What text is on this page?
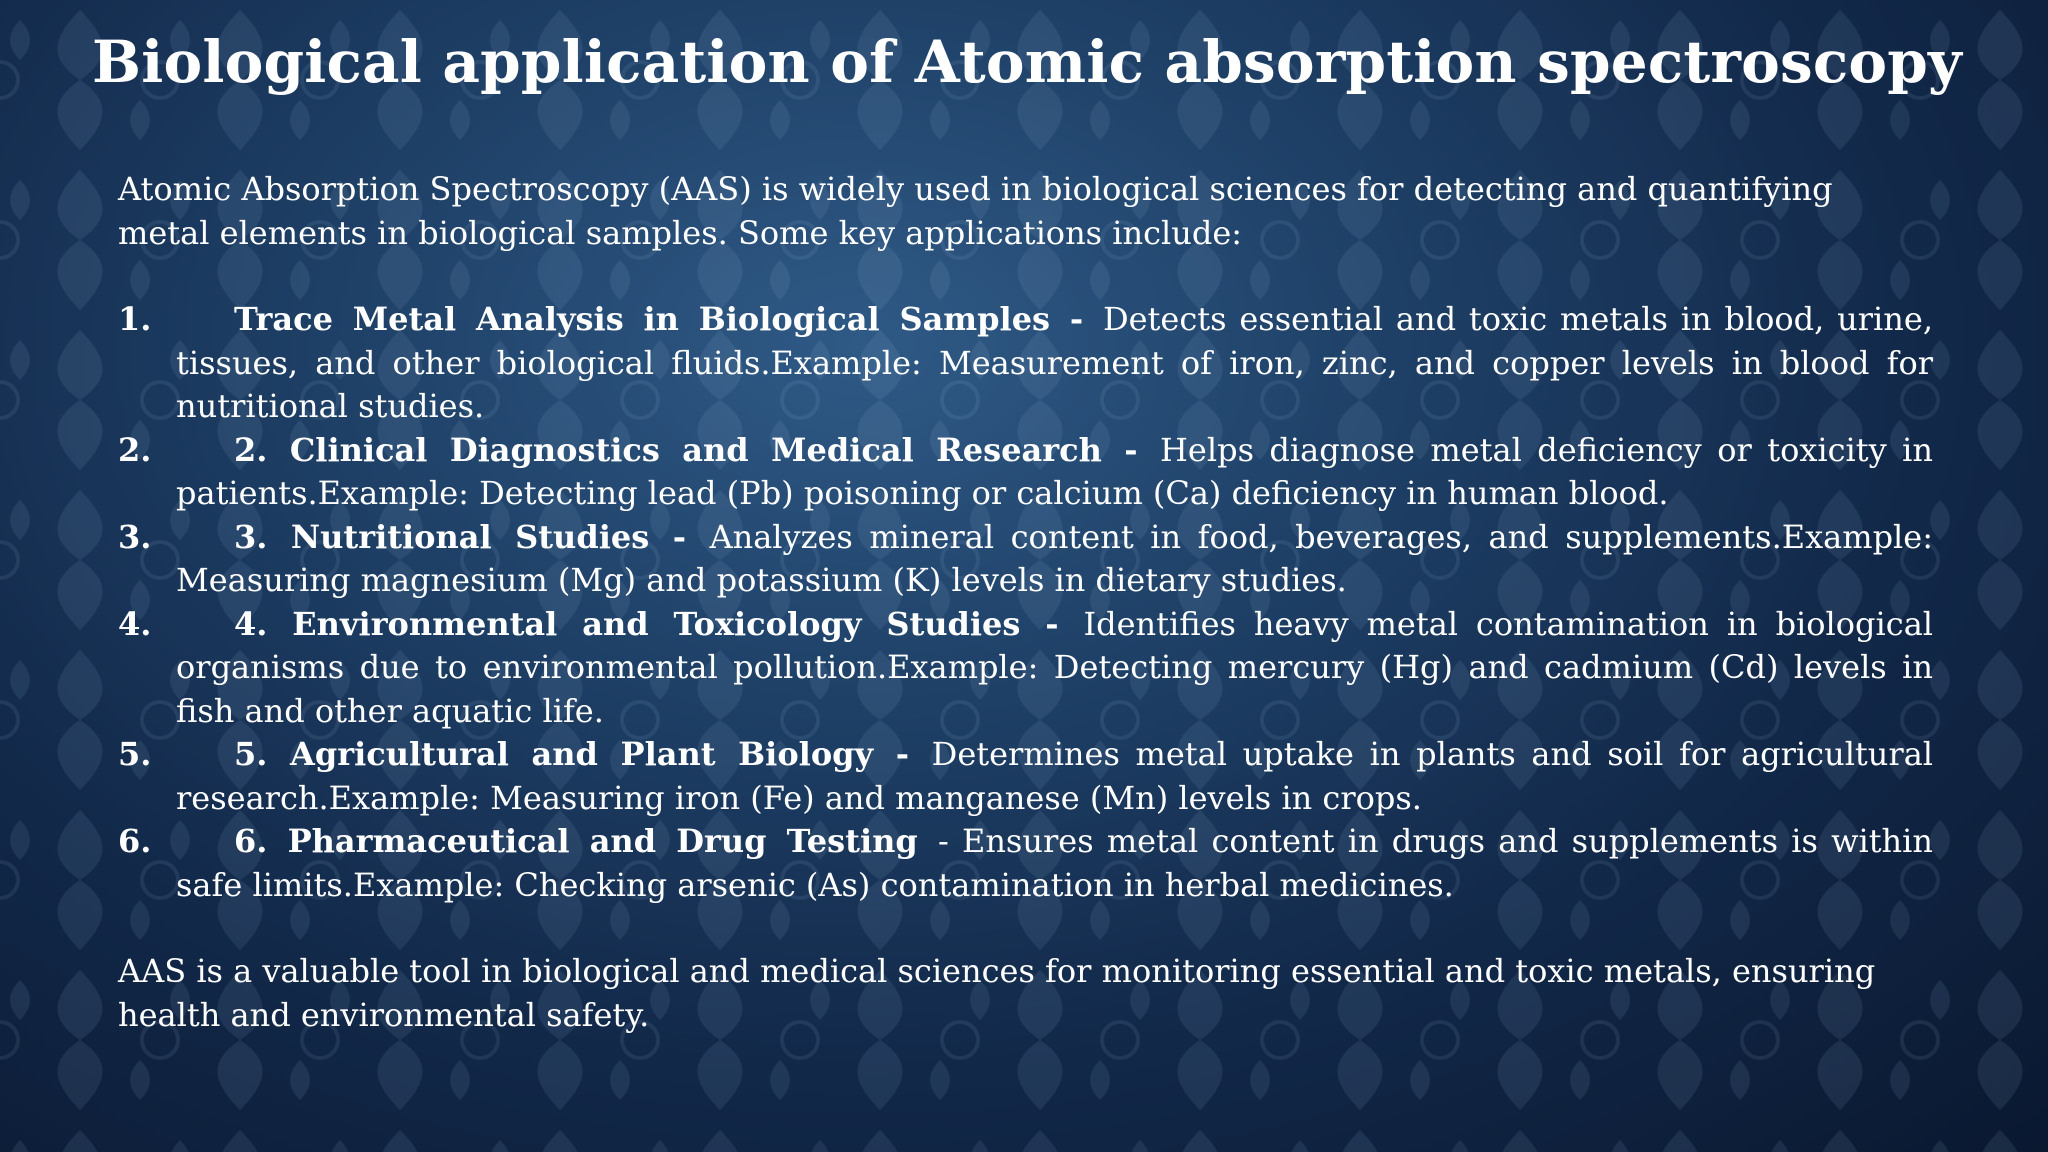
Biological application of Atomic absorption spectroscopy

Atomic Absorption Spectroscopy (AAS) is widely used in biological sciences for detecting and quantifying metal elements in biological samples. Some key applications include:

1.	Trace Metal Analysis in Biological Samples - Detects essential and toxic metals in blood, urine, tissues, and other biological fluids.Example: Measurement of iron, zinc, and copper levels in blood for nutritional studies.
2.	2. Clinical Diagnostics and Medical Research - Helps diagnose metal deficiency or toxicity in patients.Example: Detecting lead (Pb) poisoning or calcium (Ca) deficiency in human blood.
3.	3. Nutritional Studies - Analyzes mineral content in food, beverages, and supplements.Example: Measuring magnesium (Mg) and potassium (K) levels in dietary studies.
4.	4. Environmental and Toxicology Studies - Identifies heavy metal contamination in biological organisms due to environmental pollution.Example: Detecting mercury (Hg) and cadmium (Cd) levels in fish and other aquatic life.
5.	5. Agricultural and Plant Biology - Determines metal uptake in plants and soil for agricultural research.Example: Measuring iron (Fe) and manganese (Mn) levels in crops.
6.	6. Pharmaceutical and Drug Testing - Ensures metal content in drugs and supplements is within safe limits.Example: Checking arsenic (As) contamination in herbal medicines.

AAS is a valuable tool in biological and medical sciences for monitoring essential and toxic metals, ensuring health and environmental safety.
